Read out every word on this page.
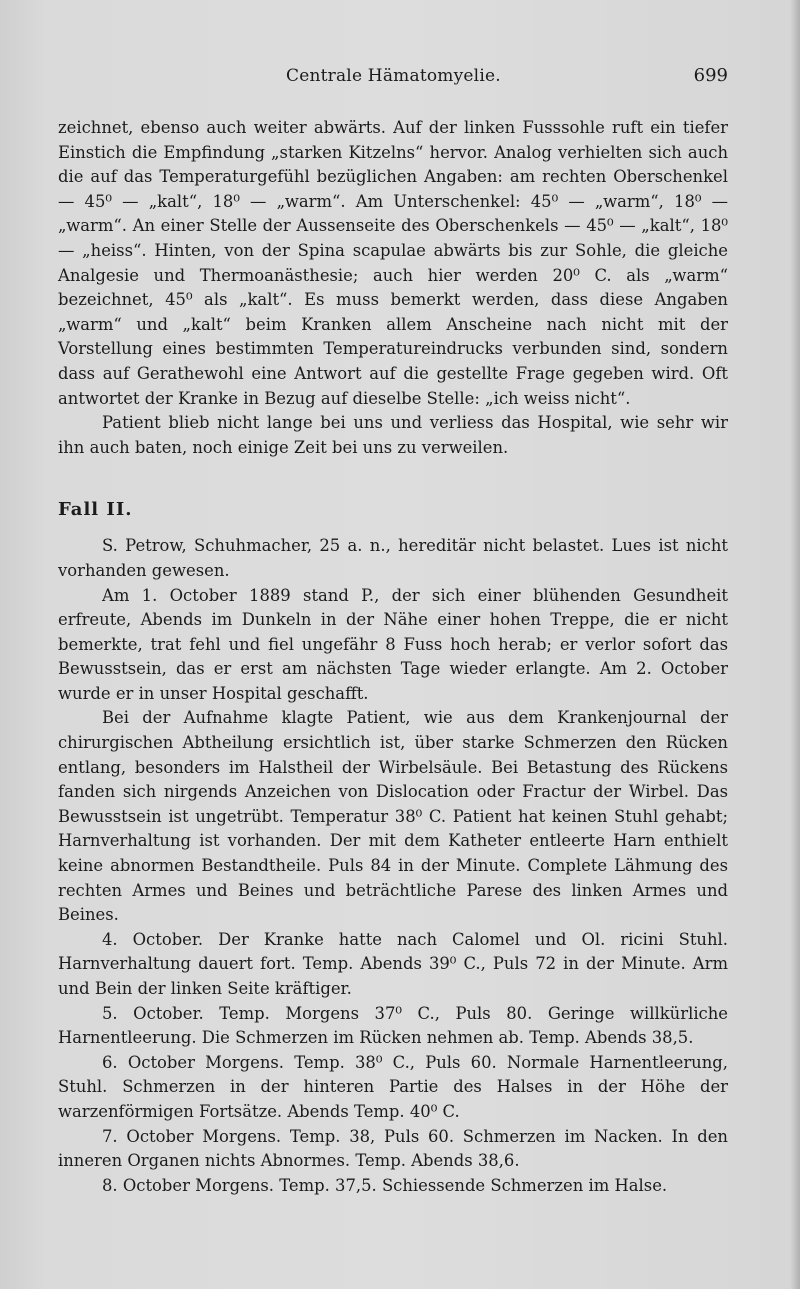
Centrale Hämatomyelie.	699

zeichnet, ebenso auch weiter abwärts. Auf der linken Fusssohle ruft ein tiefer Einstich die Empfindung „starken Kitzelns“ hervor. Analog verhielten sich auch die auf das Temperaturgefühl bezüglichen Angaben: am rechten Oberschenkel — 45⁰ — „kalt“, 18⁰ — „warm“. Am Unterschenkel: 45⁰ — „warm“, 18⁰ — „warm“. An einer Stelle der Aussenseite des Oberschenkels — 45⁰ — „kalt“, 18⁰ — „heiss“. Hinten, von der Spina scapulae abwärts bis zur Sohle, die gleiche Analgesie und Thermoanästhesie; auch hier werden 20⁰ C. als „warm“ bezeichnet, 45⁰ als „kalt“. Es muss bemerkt werden, dass diese Angaben „warm“ und „kalt“ beim Kranken allem Anscheine nach nicht mit der Vorstellung eines bestimmten Temperatureindrucks verbunden sind, sondern dass auf Gerathewohl eine Antwort auf die gestellte Frage gegeben wird. Oft antwortet der Kranke in Bezug auf dieselbe Stelle: „ich weiss nicht“.

Patient blieb nicht lange bei uns und verliess das Hospital, wie sehr wir ihn auch baten, noch einige Zeit bei uns zu verweilen.

Fall II.

S. Petrow, Schuhmacher, 25 a. n., hereditär nicht belastet. Lues ist nicht vorhanden gewesen.

Am 1. October 1889 stand P., der sich einer blühenden Gesundheit erfreute, Abends im Dunkeln in der Nähe einer hohen Treppe, die er nicht bemerkte, trat fehl und fiel ungefähr 8 Fuss hoch herab; er verlor sofort das Bewusstsein, das er erst am nächsten Tage wieder erlangte. Am 2. October wurde er in unser Hospital geschafft.

Bei der Aufnahme klagte Patient, wie aus dem Krankenjournal der chirurgischen Abtheilung ersichtlich ist, über starke Schmerzen den Rücken entlang, besonders im Halstheil der Wirbelsäule. Bei Betastung des Rückens fanden sich nirgends Anzeichen von Dislocation oder Fractur der Wirbel. Das Bewusstsein ist ungetrübt. Temperatur 38⁰ C. Patient hat keinen Stuhl gehabt; Harnverhaltung ist vorhanden. Der mit dem Katheter entleerte Harn enthielt keine abnormen Bestandtheile. Puls 84 in der Minute. Complete Lähmung des rechten Armes und Beines und beträchtliche Parese des linken Armes und Beines.

4. October. Der Kranke hatte nach Calomel und Ol. ricini Stuhl. Harnverhaltung dauert fort. Temp. Abends 39⁰ C., Puls 72 in der Minute. Arm und Bein der linken Seite kräftiger.

5. October. Temp. Morgens 37⁰ C., Puls 80. Geringe willkürliche Harnentleerung. Die Schmerzen im Rücken nehmen ab. Temp. Abends 38,5.

6. October Morgens. Temp. 38⁰ C., Puls 60. Normale Harnentleerung, Stuhl. Schmerzen in der hinteren Partie des Halses in der Höhe der warzenförmigen Fortsätze. Abends Temp. 40⁰ C.

7. October Morgens. Temp. 38, Puls 60. Schmerzen im Nacken. In den inneren Organen nichts Abnormes. Temp. Abends 38,6.

8. October Morgens. Temp. 37,5. Schiessende Schmerzen im Halse.
